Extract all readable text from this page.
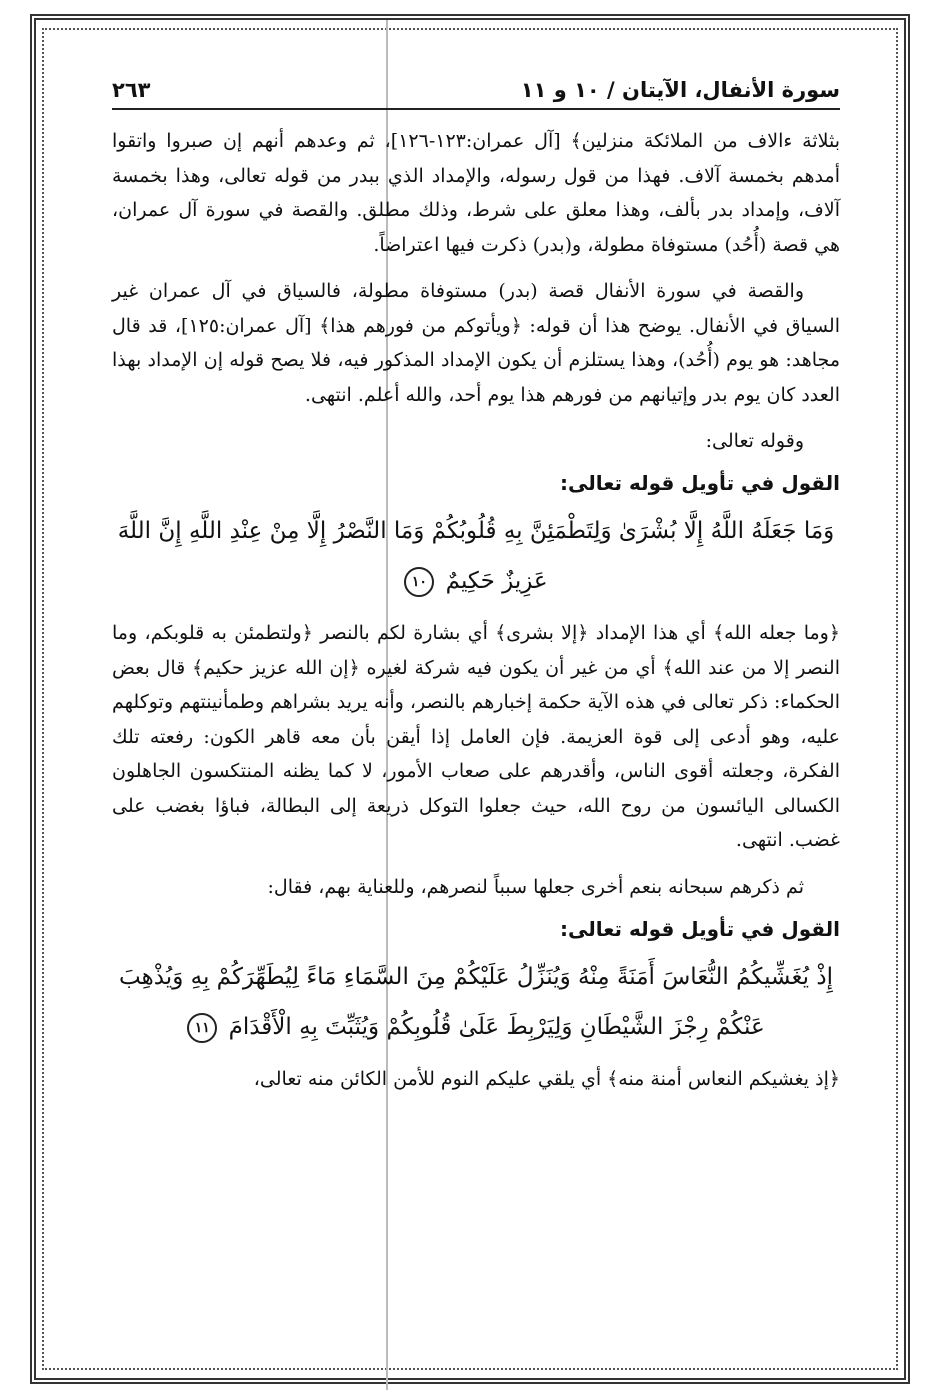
سورة الأنفال، الآيتان / ١٠ و ١١
٢٦٣

بثلاثة ءالاف من الملائكة منزلين﴾ [آل عمران:١٢٣-١٢٦]، ثم وعدهم أنهم إن صبروا واتقوا أمدهم بخمسة آلاف. فهذا من قول رسوله، والإمداد الذي ببدر من قوله تعالى، وهذا بخمسة آلاف، وإمداد بدر بألف، وهذا معلق على شرط، وذلك مطلق. والقصة في سورة آل عمران، هي قصة (أُحُد) مستوفاة مطولة، و(بدر) ذكرت فيها اعتراضاً.

والقصة في سورة الأنفال قصة (بدر) مستوفاة مطولة، فالسياق في آل عمران غير السياق في الأنفال. يوضح هذا أن قوله: ﴿ويأتوكم من فورهم هذا﴾ [آل عمران:١٢٥]، قد قال مجاهد: هو يوم (أُحُد)، وهذا يستلزم أن يكون الإمداد المذكور فيه، فلا يصح قوله إن الإمداد بهذا العدد كان يوم بدر وإتيانهم من فورهم هذا يوم أحد، والله أعلم. انتهى.

وقوله تعالى:

القول في تأويل قوله تعالى:
وَمَا جَعَلَهُ اللَّهُ إِلَّا بُشْرَىٰ وَلِتَطْمَئِنَّ بِهِ قُلُوبُكُمْ وَمَا النَّصْرُ إِلَّا مِنْ عِنْدِ اللَّهِ إِنَّ اللَّهَ عَزِيزٌ حَكِيمٌ ١٠

﴿وما جعله الله﴾ أي هذا الإمداد ﴿إلا بشرى﴾ أي بشارة لكم بالنصر ﴿ولتطمئن به قلوبكم، وما النصر إلا من عند الله﴾ أي من غير أن يكون فيه شركة لغيره ﴿إن الله عزيز حكيم﴾ قال بعض الحكماء: ذكر تعالى في هذه الآية حكمة إخبارهم بالنصر، وأنه يريد بشراهم وطمأنينتهم وتوكلهم عليه، وهو أدعى إلى قوة العزيمة. فإن العامل إذا أيقن بأن معه قاهر الكون: رفعته تلك الفكرة، وجعلته أقوى الناس، وأقدرهم على صعاب الأمور، لا كما يظنه المنتكسون الجاهلون الكسالى اليائسون من روح الله، حيث جعلوا التوكل ذريعة إلى البطالة، فباؤا بغضب على غضب. انتهى.

ثم ذكرهم سبحانه بنعم أخرى جعلها سبباً لنصرهم، وللعناية بهم، فقال:

القول في تأويل قوله تعالى:
إِذْ يُغَشِّيكُمُ النُّعَاسَ أَمَنَةً مِنْهُ وَيُنَزِّلُ عَلَيْكُمْ مِنَ السَّمَاءِ مَاءً لِيُطَهِّرَكُمْ بِهِ وَيُذْهِبَ عَنْكُمْ رِجْزَ الشَّيْطَانِ وَلِيَرْبِطَ عَلَىٰ قُلُوبِكُمْ وَيُثَبِّتَ بِهِ الْأَقْدَامَ ١١

﴿إذ يغشيكم النعاس أمنة منه﴾ أي يلقي عليكم النوم للأمن الكائن منه تعالى،
